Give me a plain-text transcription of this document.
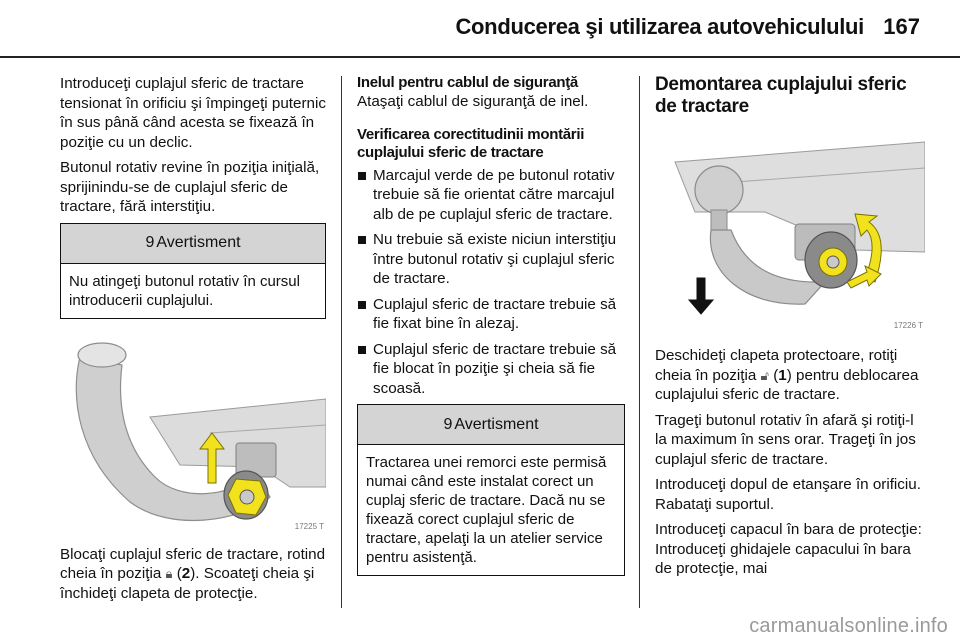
Conducerea şi utilizarea autovehiculului 167

Introduceţi cuplajul sferic de tractare tensionat în orificiu şi împingeţi puternic în sus până când acesta se fixează în poziţie cu un declic.

Butonul rotativ revine în poziţia iniţială, sprijinindu-se de cuplajul sferic de tractare, fără interstiţiu.

9 Avertisment
Nu atingeţi butonul rotativ în cursul introducerii cuplajului.
17225 T

Blocaţi cuplajul sferic de tractare, rotind cheia în poziţia 🔒︎ (2). Scoateţi cheia şi închideţi clapeta de protecţie.

Inelul pentru cablul de siguranţă

Ataşaţi cablul de siguranţă de inel.

Verificarea corectitudinii montării cuplajului sferic de tractare
Marcajul verde de pe butonul rotativ trebuie să fie orientat către marcajul alb de pe cuplajul sferic de tractare.
Nu trebuie să existe niciun interstiţiu între butonul rotativ şi cuplajul sferic de tractare.
Cuplajul sferic de tractare trebuie să fie fixat bine în alezaj.
Cuplajul sferic de tractare trebuie să fie blocat în poziţie şi cheia să fie scoasă.
9 Avertisment
Tractarea unei remorci este permisă numai când este instalat corect un cuplaj sferic de tractare. Dacă nu se fixează corect cuplajul sferic de tractare, apelaţi la un atelier service pentru asistenţă.
Demontarea cuplajului sferic de tractare
17226 T

Deschideţi clapeta protectoare, rotiţi cheia în poziţia 🔓︎ (1) pentru deblocarea cuplajului sferic de tractare.

Trageţi butonul rotativ în afară şi rotiţi-l la maximum în sens orar. Trageţi în jos cuplajul sferic de tractare.

Introduceţi dopul de etanşare în orificiu. Rabataţi suportul.

Introduceţi capacul în bara de protecţie: Introduceţi ghidajele capacului în bara de protecţie, mai

carmanualsonline.info
